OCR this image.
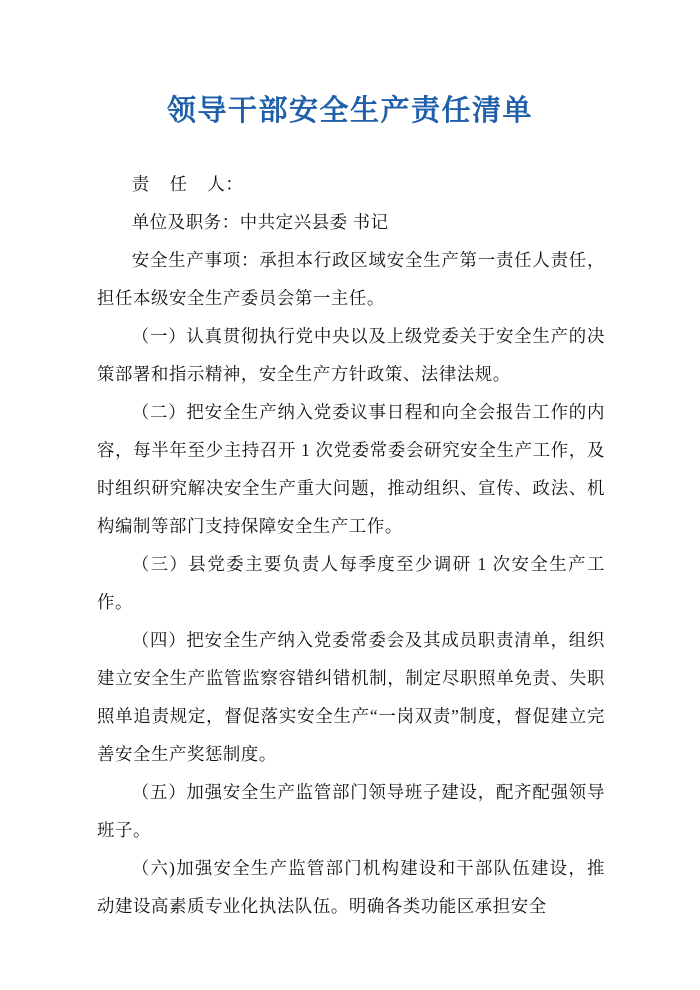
领导干部安全生产责任清单

责    任    人：

单位及职务：中共定兴县委 书记

安全生产事项：承担本行政区域安全生产第一责任人责任，担任本级安全生产委员会第一主任。

（一）认真贯彻执行党中央以及上级党委关于安全生产的决策部署和指示精神，安全生产方针政策、法律法规。

（二）把安全生产纳入党委议事日程和向全会报告工作的内容，每半年至少主持召开 1 次党委常委会研究安全生产工作，及时组织研究解决安全生产重大问题，推动组织、宣传、政法、机构编制等部门支持保障安全生产工作。

（三）县党委主要负责人每季度至少调研 1 次安全生产工作。

（四）把安全生产纳入党委常委会及其成员职责清单，组织建立安全生产监管监察容错纠错机制，制定尽职照单免责、失职照单追责规定，督促落实安全生产“一岗双责”制度，督促建立完善安全生产奖惩制度。

（五）加强安全生产监管部门领导班子建设，配齐配强领导班子。

（六)加强安全生产监管部门机构建设和干部队伍建设，推动建设高素质专业化执法队伍。明确各类功能区承担安全
